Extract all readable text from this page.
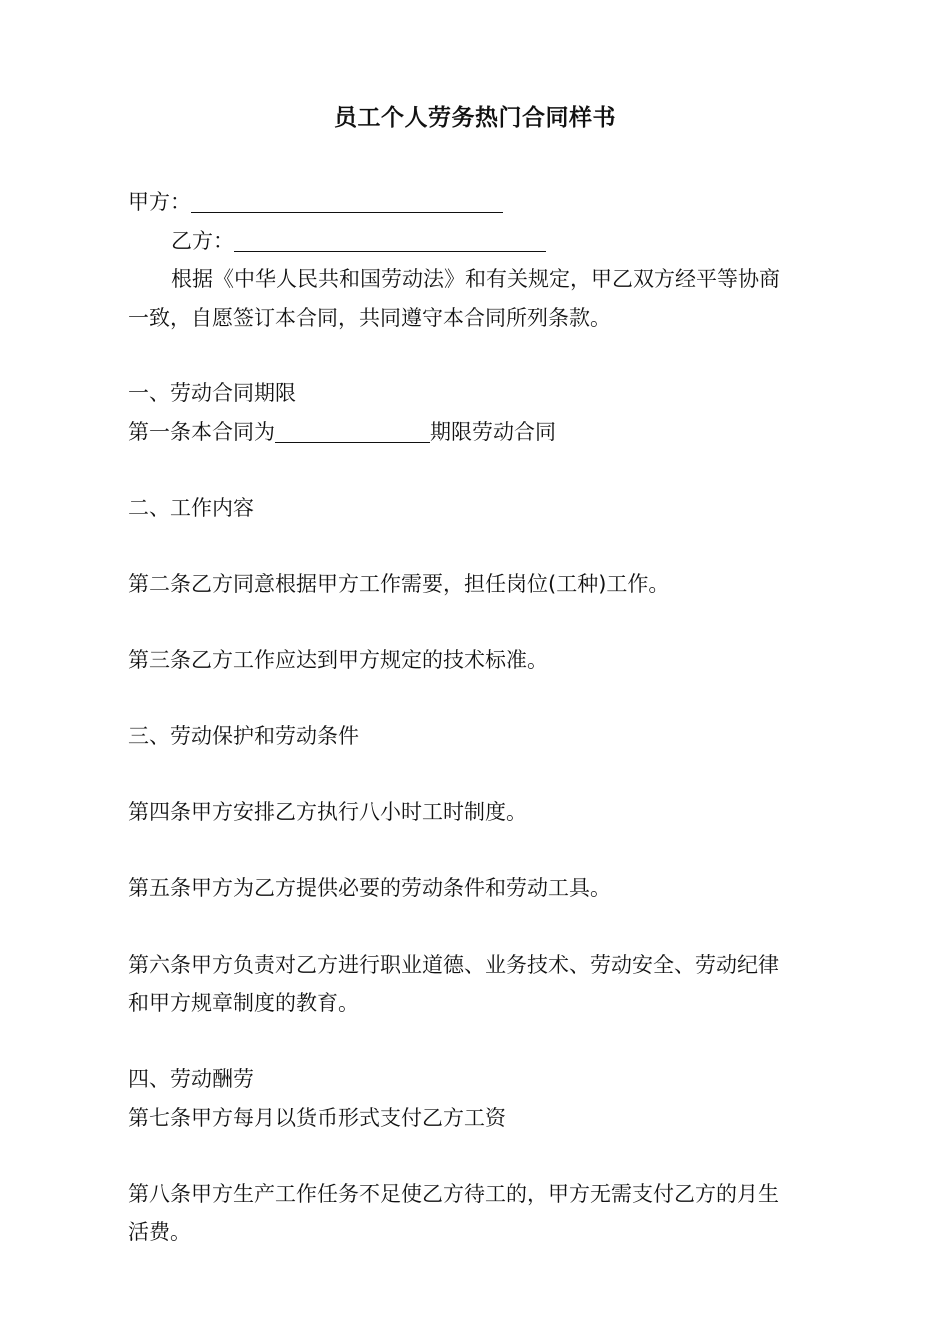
员工个人劳务热门合同样书
甲方：
乙方：
根据《中华人民共和国劳动法》和有关规定，甲乙双方经平等协商
一致，自愿签订本合同，共同遵守本合同所列条款。
一、劳动合同期限
第一条本合同为	期限劳动合同
二、工作内容
第二条乙方同意根据甲方工作需要，担任岗位(工种)工作。
第三条乙方工作应达到甲方规定的技术标准。
三、劳动保护和劳动条件
第四条甲方安排乙方执行八小时工时制度。
第五条甲方为乙方提供必要的劳动条件和劳动工具。
第六条甲方负责对乙方进行职业道德、业务技术、劳动安全、劳动纪律
和甲方规章制度的教育。
四、劳动酬劳
第七条甲方每月以货币形式支付乙方工资
第八条甲方生产工作任务不足使乙方待工的，甲方无需支付乙方的月生
活费。
